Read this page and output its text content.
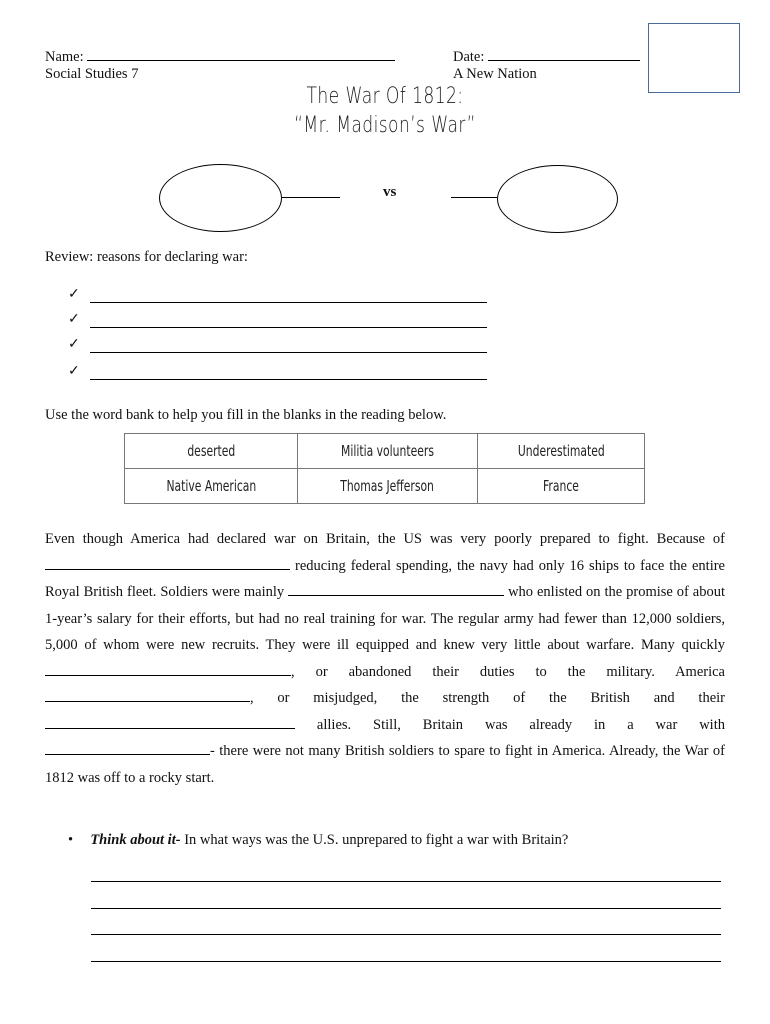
Name:
Social Studies 7
Date:
A New Nation
The War Of 1812:
“Mr. Madison’s War”
vs
Review: reasons for declaring war:
✓
✓
✓
✓
Use the word bank to help you fill in the blanks in the reading below.
deserted	Militia volunteers	Underestimated
Native American	Thomas Jefferson	France
Even though America had declared war on Britain, the US was very poorly prepared to fight. Because of  reducing federal spending, the navy had only 16 ships to face the entire Royal British fleet. Soldiers were mainly	who enlisted on the promise of about 1-year’s salary for their efforts, but had no real training for war. The regular army had fewer than 12,000 soldiers, 5,000 of whom were new recruits. They were ill equipped and knew very little about warfare. Many quickly , or abandoned their duties to the military. America , or misjudged, the strength of the British and their  allies. Still, Britain was already in a war with - there were not many British soldiers to spare to fight in America. Already, the War of 1812 was off to a rocky start.
• Think about it- In what ways was the U.S. unprepared to fight a war with Britain?
